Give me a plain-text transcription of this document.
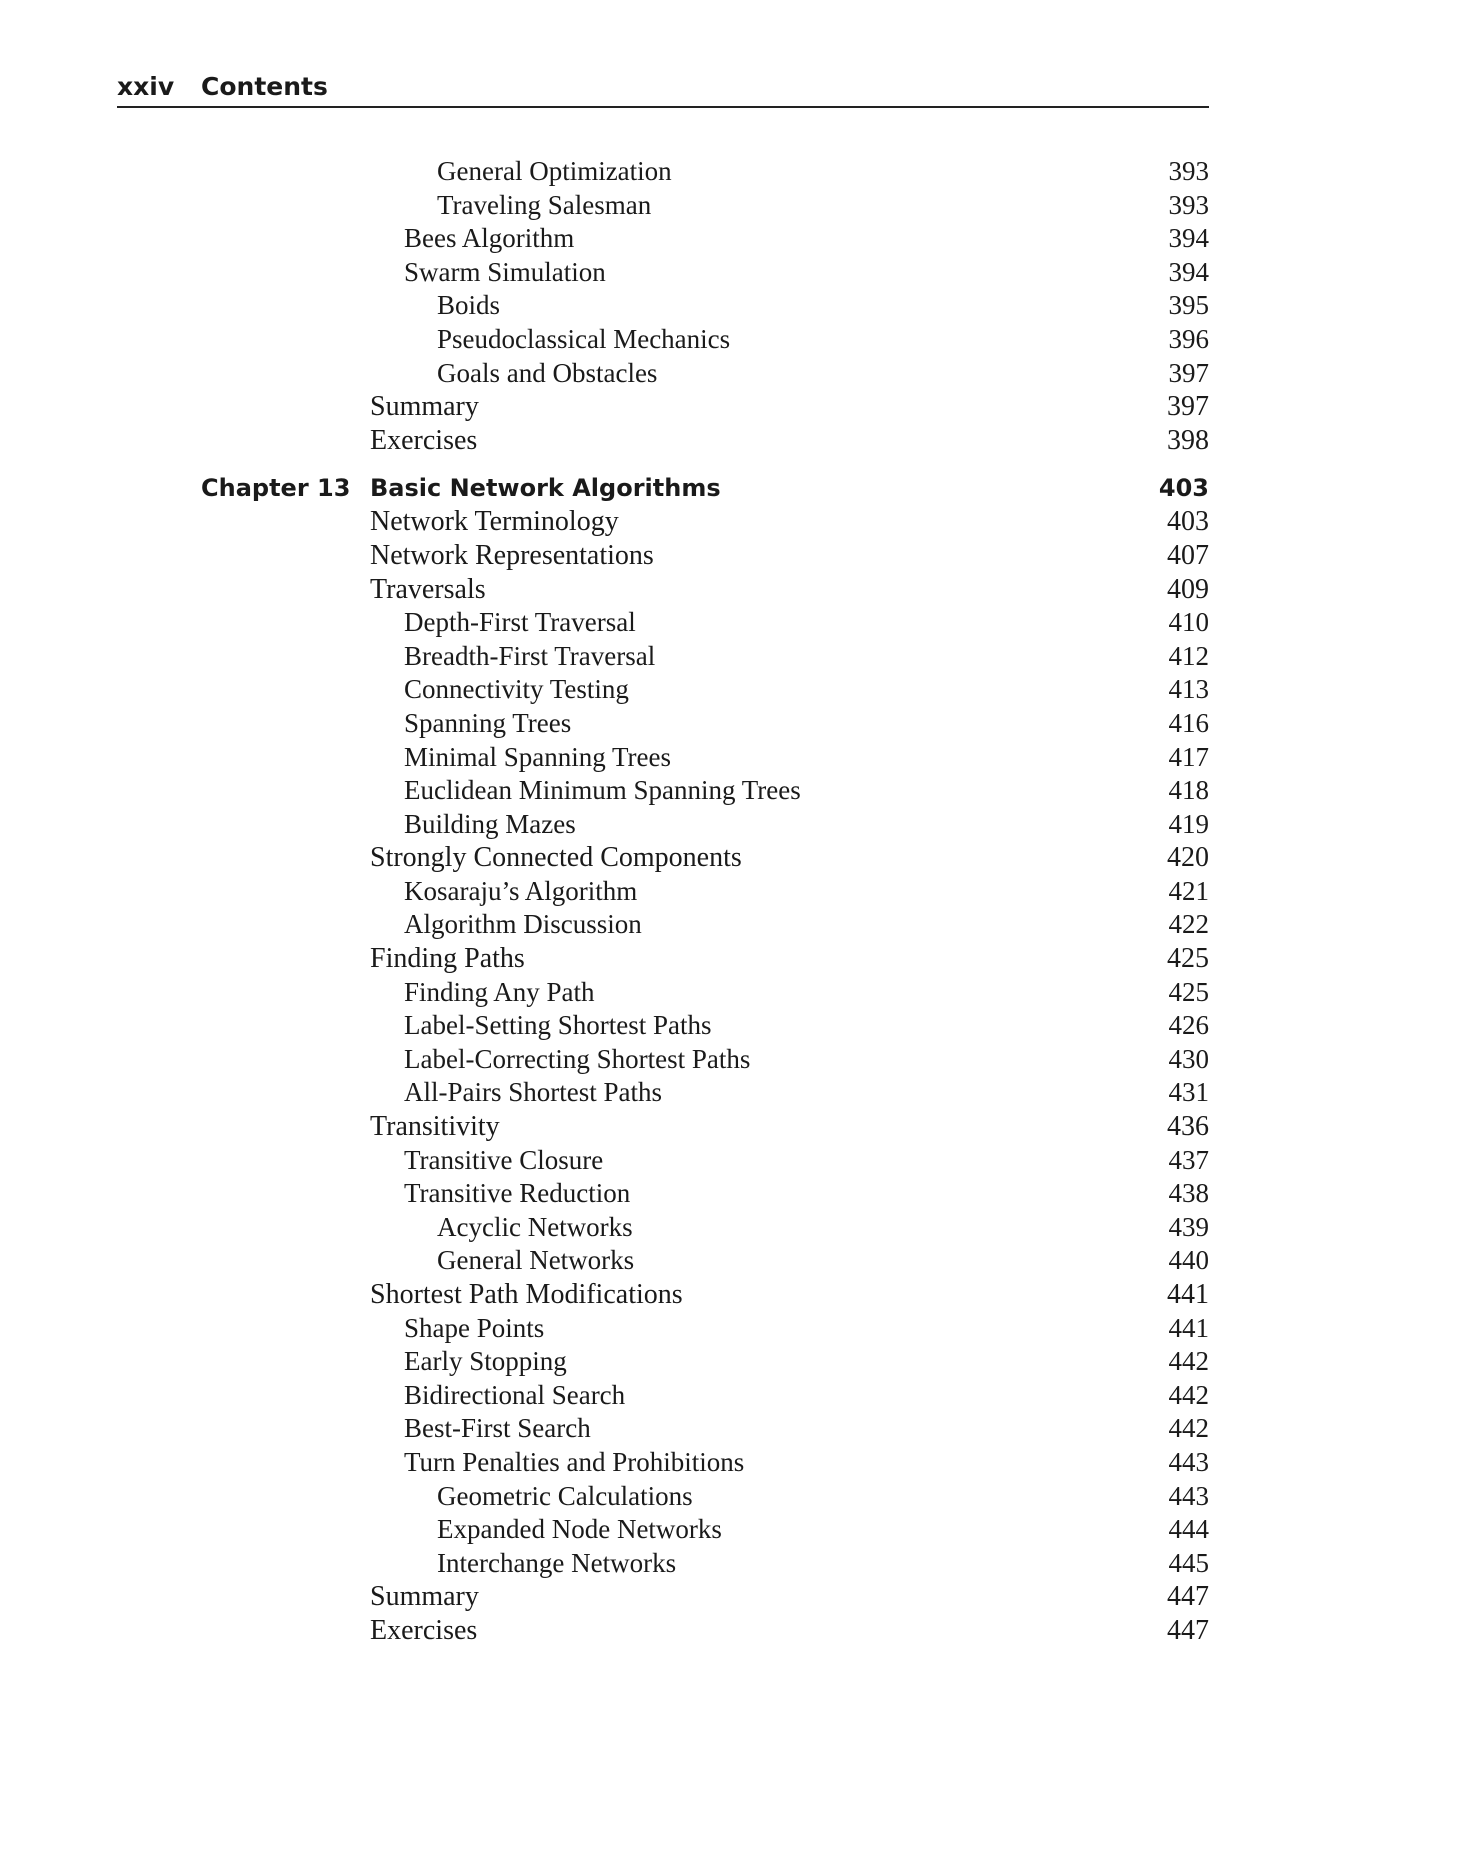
xxiv Contents
General Optimization	393
Traveling Salesman	393
Bees Algorithm	394
Swarm Simulation	394
Boids	395
Pseudoclassical Mechanics	396
Goals and Obstacles	397
Summary	397
Exercises	398
Chapter 13 Basic Network Algorithms	403
Network Terminology	403
Network Representations	407
Traversals	409
Depth-First Traversal	410
Breadth-First Traversal	412
Connectivity Testing	413
Spanning Trees	416
Minimal Spanning Trees	417
Euclidean Minimum Spanning Trees	418
Building Mazes	419
Strongly Connected Components	420
Kosaraju’s Algorithm	421
Algorithm Discussion	422
Finding Paths	425
Finding Any Path	425
Label-Setting Shortest Paths	426
Label-Correcting Shortest Paths	430
All-Pairs Shortest Paths	431
Transitivity	436
Transitive Closure	437
Transitive Reduction	438
Acyclic Networks	439
General Networks	440
Shortest Path Modifications	441
Shape Points	441
Early Stopping	442
Bidirectional Search	442
Best-First Search	442
Turn Penalties and Prohibitions	443
Geometric Calculations	443
Expanded Node Networks	444
Interchange Networks	445
Summary	447
Exercises	447
